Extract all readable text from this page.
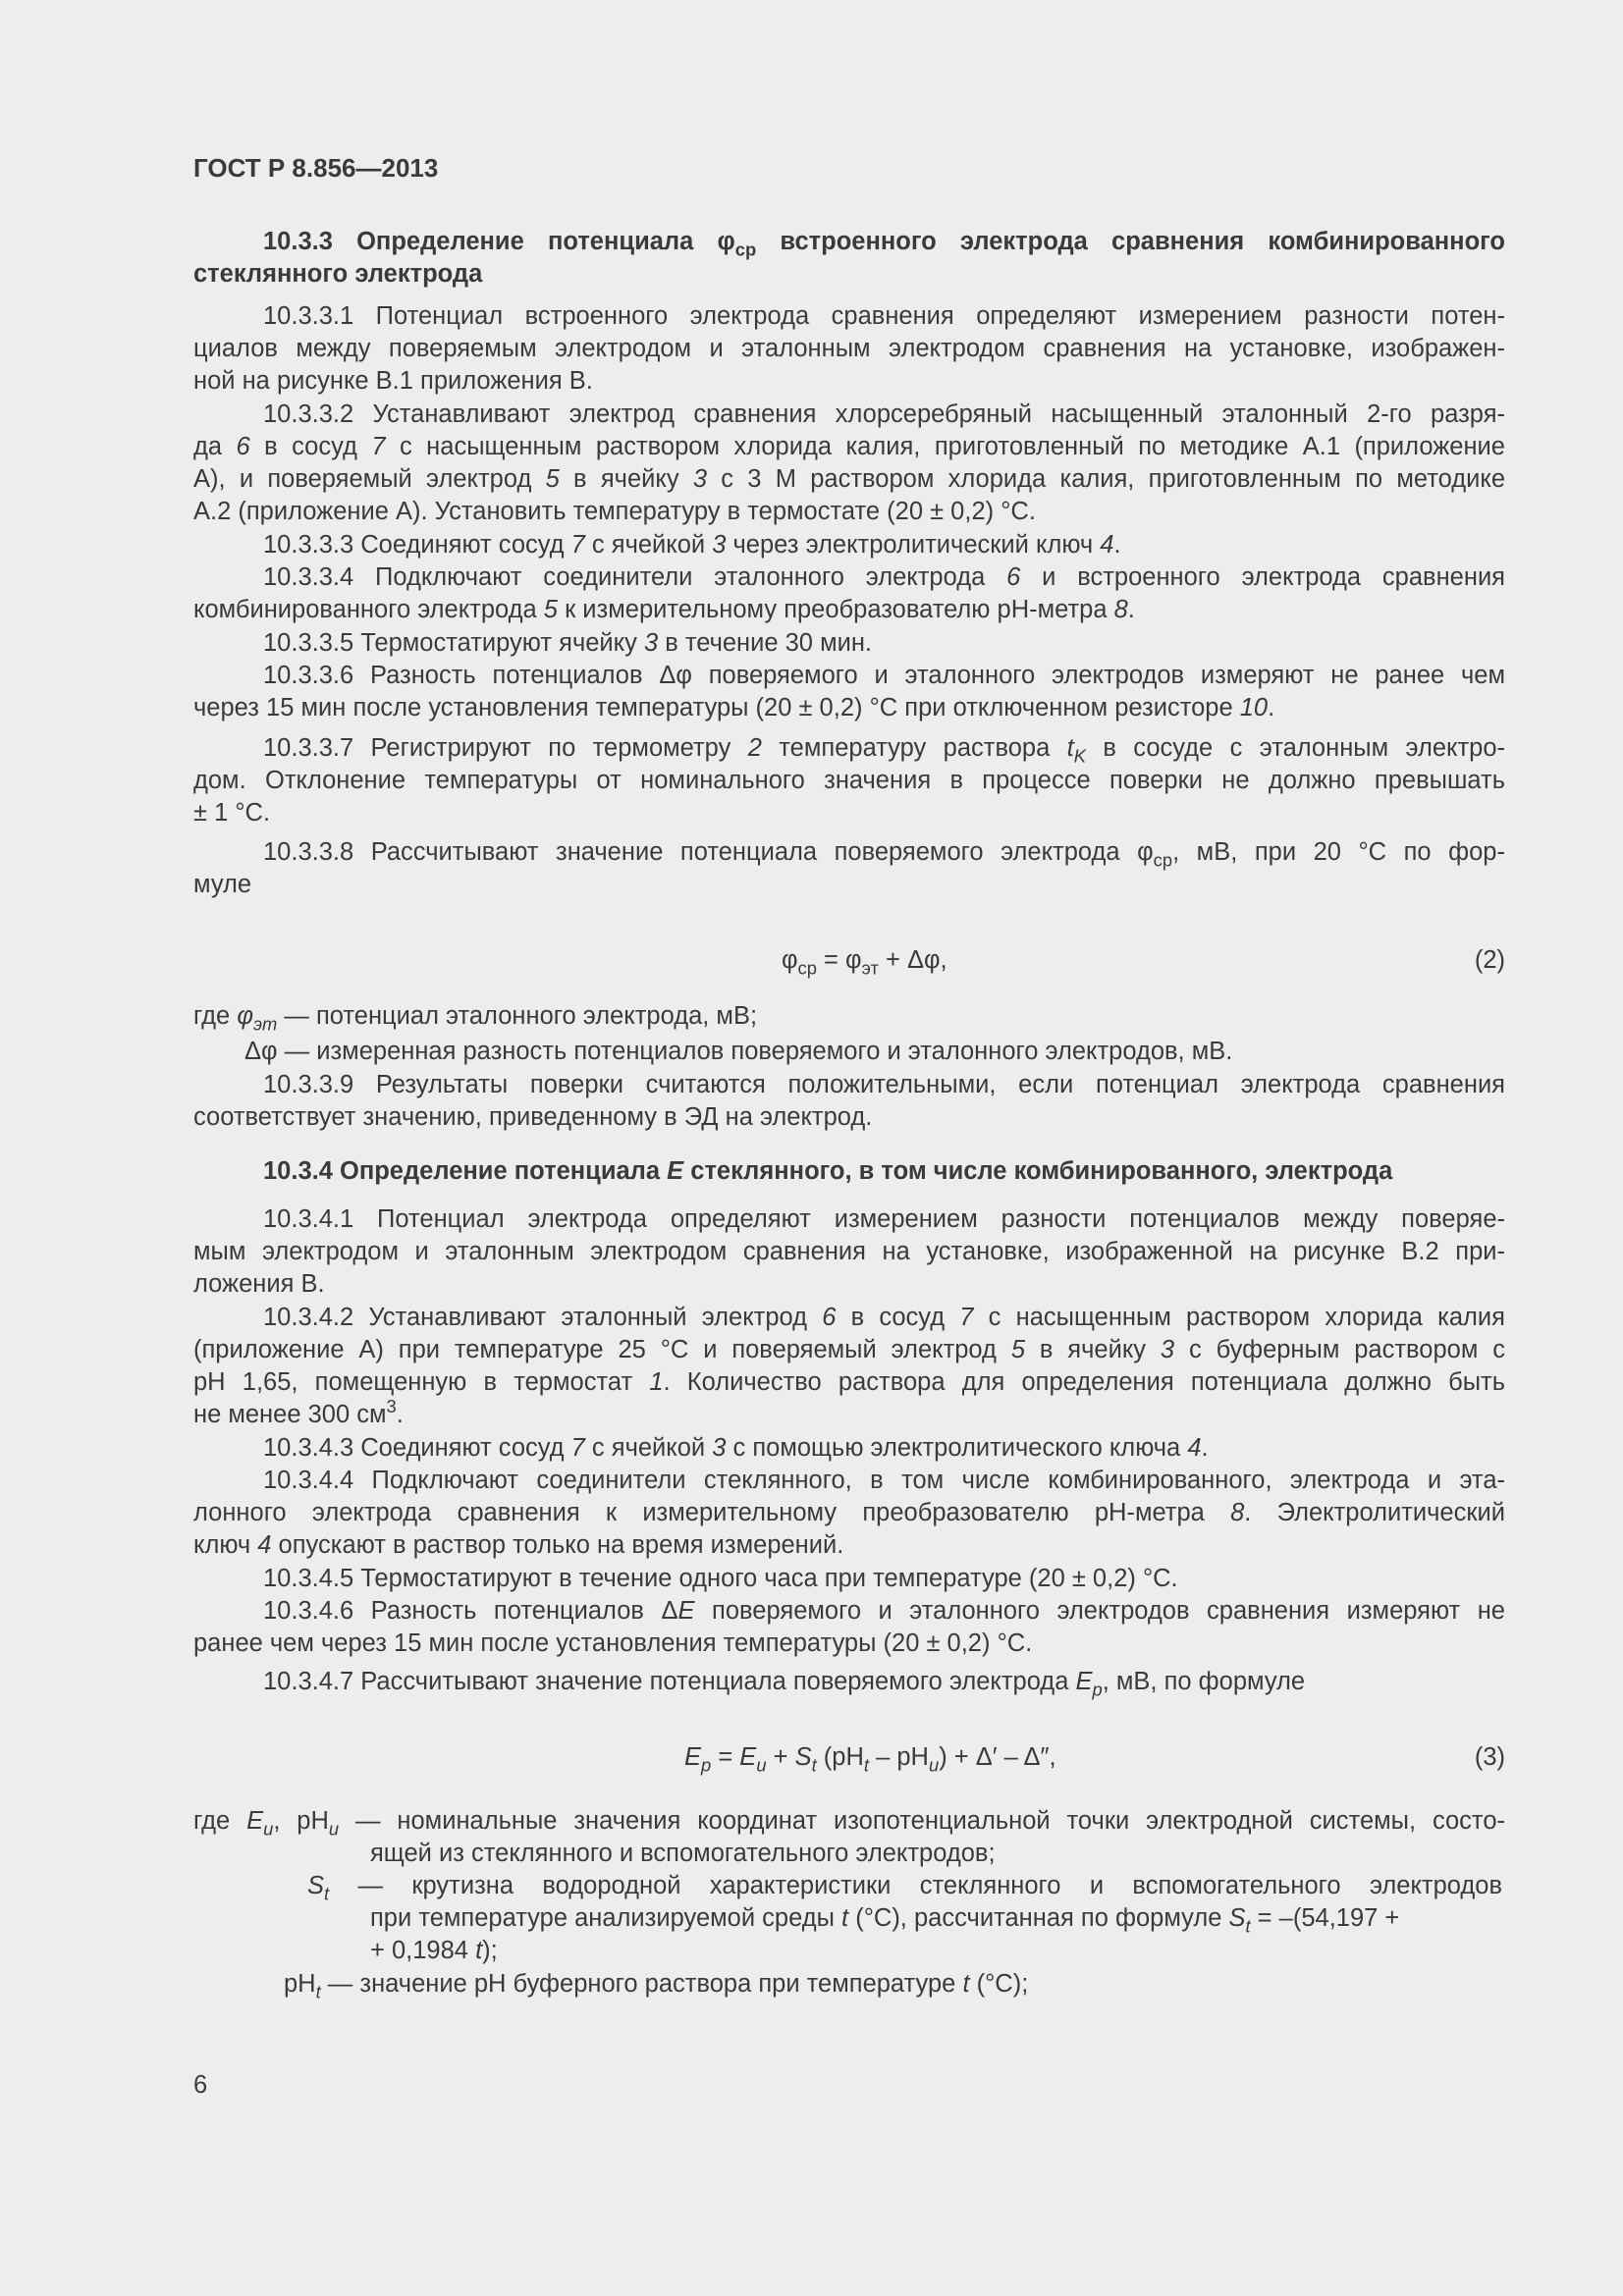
ГОСТ Р 8.856—2013
10.3.3 Определение потенциала $\varphi_{ср}$ встроенного электрода сравнения комбинированного
стеклянного электрода
10.3.3.1 Потенциал встроенного электрода сравнения определяют измерением разности потен-
циалов между поверяемым электродом и эталонным электродом сравнения на установке, изображен-
ной на рисунке В.1 приложения В.
10.3.3.2 Устанавливают электрод сравнения хлорсеребряный насыщенный эталонный 2-го разря-
да 6 в сосуд 7 с насыщенным раствором хлорида калия, приготовленный по методике А.1 (приложение
А), и поверяемый электрод 5 в ячейку 3 с 3 М раствором хлорида калия, приготовленным по методике
А.2 (приложение А). Установить температуру в термостате (20 ± 0,2) °С.
10.3.3.3 Соединяют сосуд 7 с ячейкой 3 через электролитический ключ 4.
10.3.3.4 Подключают соединители эталонного электрода 6 и встроенного электрода сравнения
комбинированного электрода 5 к измерительному преобразователю рН-метра 8.
10.3.3.5 Термостатируют ячейку 3 в течение 30 мин.
10.3.3.6 Разность потенциалов Δφ поверяемого и эталонного электродов измеряют не ранее чем
через 15 мин после установления температуры (20 ± 0,2) °С при отключенном резисторе 10.
10.3.3.7 Регистрируют по термометру 2 температуру раствора $t_K$ в сосуде с эталонным электро-
дом. Отклонение температуры от номинального значения в процессе поверки не должно превышать
± 1 °С.
10.3.3.8 Рассчитывают значение потенциала поверяемого электрода $\varphi_{ср}$, мВ, при 20 °С по фор-
муле
$\varphi_{ср} = \varphi_{эт} + \Delta\varphi$,	(2)
где $\varphi_{эт}$ — потенциал эталонного электрода, мВ;
Δφ — измеренная разность потенциалов поверяемого и эталонного электродов, мВ.
10.3.3.9 Результаты поверки считаются положительными, если потенциал электрода сравнения
соответствует значению, приведенному в ЭД на электрод.
10.3.4 Определение потенциала E стеклянного, в том числе комбинированного, электрода
10.3.4.1 Потенциал электрода определяют измерением разности потенциалов между поверяе-
мым электродом и эталонным электродом сравнения на установке, изображенной на рисунке В.2 при-
ложения В.
10.3.4.2 Устанавливают эталонный электрод 6 в сосуд 7 с насыщенным раствором хлорида калия
(приложение А) при температуре 25 °С и поверяемый электрод 5 в ячейку 3 с буферным раствором с
рН 1,65, помещенную в термостат 1. Количество раствора для определения потенциала должно быть
не менее 300 $см^3$.
10.3.4.3 Соединяют сосуд 7 с ячейкой 3 с помощью электролитического ключа 4.
10.3.4.4 Подключают соединители стеклянного, в том числе комбинированного, электрода и эта-
лонного электрода сравнения к измерительному преобразователю рН-метра 8. Электролитический
ключ 4 опускают в раствор только на время измерений.
10.3.4.5 Термостатируют в течение одного часа при температуре (20 ± 0,2) °С.
10.3.4.6 Разность потенциалов ΔE поверяемого и эталонного электродов сравнения измеряют не
ранее чем через 15 мин после установления температуры (20 ± 0,2) °С.
10.3.4.7 Рассчитывают значение потенциала поверяемого электрода $E_p$, мВ, по формуле
$E_p = E_u + S_t$ $(pH_t - pH_u) + \Delta' - \Delta''$,	(3)
где $E_u$, $pH_u$ — номинальные значения координат изопотенциальной точки электродной системы, состо-
ящей из стеклянного и вспомогательного электродов;
$S_t$ — крутизна водородной характеристики стеклянного и вспомогательного электродов
при температуре анализируемой среды t (°С), рассчитанная по формуле $S_t = -(54,197$ +
+ 0,1984 t);
$pH_t$ — значение рН буферного раствора при температуре t (°С);
6
